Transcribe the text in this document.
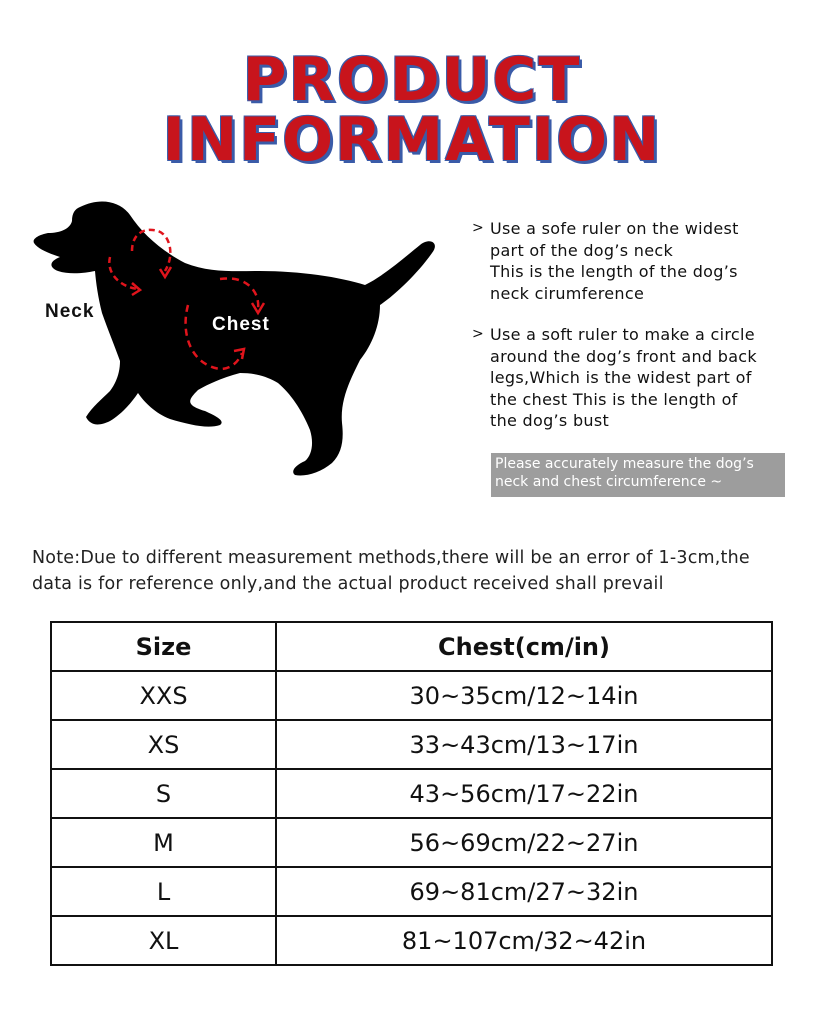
PRODUCT INFORMATION
Neck
Chest
> Use a sofe ruler on the widest
part of the dog’s neck
This is the length of the dog’s
neck cirumference
> Use a soft ruler to make a circle
around the dog’s front and back
legs,Which is the widest part of
the chest This is the length of
the dog’s bust
Please accurately measure the dog’s
neck and chest circumference ~
Note:Due to different measurement methods,there will be an error of 1-3cm,the
data is for reference only,and the actual product received shall prevail
Size	Chest(cm/in)
XXS	30~35cm/12~14in
XS	33~43cm/13~17in
S	43~56cm/17~22in
M	56~69cm/22~27in
L	69~81cm/27~32in
XL	81~107cm/32~42in
